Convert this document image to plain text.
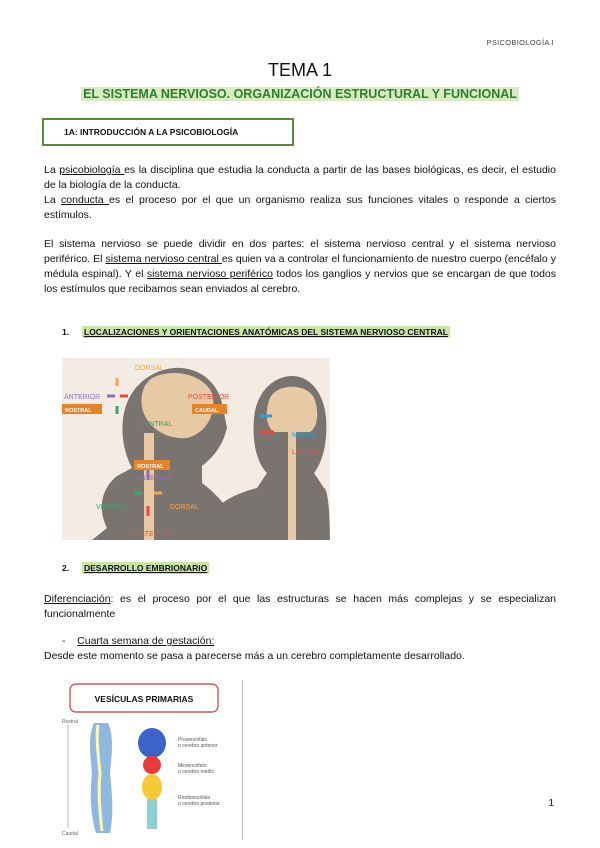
PSICOBIOLOGÍA I
TEMA 1
EL SISTEMA NERVIOSO. ORGANIZACIÓN ESTRUCTURAL Y FUNCIONAL
1A: INTRODUCCIÓN A LA PSICOBIOLOGÍA
La psicobiología es la disciplina que estudia la conducta a partir de las bases biológicas, es decir, el estudio de la biología de la conducta.
La conducta es el proceso por el que un organismo realiza sus funciones vitales o responde a ciertos estímulos.
El sistema nervioso se puede dividir en dos partes: el sistema nervioso central y el sistema nervioso periférico. El sistema nervioso central es quien va a controlar el funcionamiento de nuestro cuerpo (encéfalo y médula espinal). Y el sistema nervioso periférico todos los ganglios y nervios que se encargan de que todos los estímulos que recibamos sean enviados al cerebro.
1. LOCALIZACIONES Y ORIENTACIONES ANATÓMICAS DEL SISTEMA NERVIOSO CENTRAL
DORSAL
ANTERIOR	POSTERIOR
ROSTRAL	CAUDAL
VENTRAL
ROSTRAL
ANTERIOR
VENTRAL	DORSAL
POSTERIOR
MEDIAL
LATERAL
2. DESARROLLO EMBRIONARIO
Diferenciación: es el proceso por el que las estructuras se hacen más complejas y se especializan funcionalmente
- Cuarta semana de gestación:
Desde este momento se pasa a parecerse más a un cerebro completamente desarrollado.
VESÍCULAS PRIMARIAS
Rostral
Caudal
Prosencéfalo
o cerebro anterior
Mesencéfalo
o cerebro medio
Rombencéfalo
o cerebro posterior	1
